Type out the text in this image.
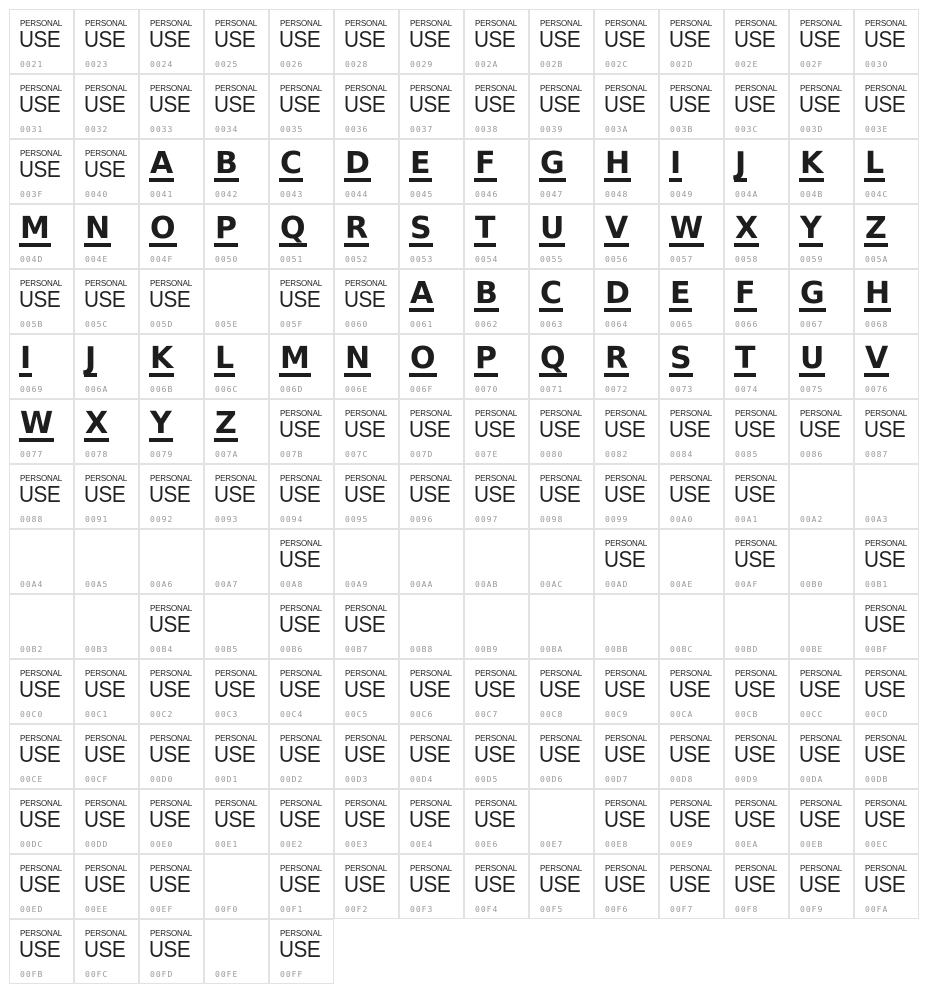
PERSONAL
USE
0021
PERSONAL
USE
0023
PERSONAL
USE
0024
PERSONAL
USE
0025
PERSONAL
USE
0026
PERSONAL
USE
0028
PERSONAL
USE
0029
PERSONAL
USE
002A
PERSONAL
USE
002B
PERSONAL
USE
002C
PERSONAL
USE
002D
PERSONAL
USE
002E
PERSONAL
USE
002F
PERSONAL
USE
0030
PERSONAL
USE
0031
PERSONAL
USE
0032
PERSONAL
USE
0033
PERSONAL
USE
0034
PERSONAL
USE
0035
PERSONAL
USE
0036
PERSONAL
USE
0037
PERSONAL
USE
0038
PERSONAL
USE
0039
PERSONAL
USE
003A
PERSONAL
USE
003B
PERSONAL
USE
003C
PERSONAL
USE
003D
PERSONAL
USE
003E
PERSONAL
USE
003F
PERSONAL
USE
0040
A
0041
B
0042
C
0043
D
0044
E
0045
F
0046
G
0047
H
0048
I
0049
J
004A
K
004B
L
004C
M
004D
N
004E
O
004F
P
0050
Q
0051
R
0052
S
0053
T
0054
U
0055
V
0056
W
0057
X
0058
Y
0059
Z
005A
PERSONAL
USE
005B
PERSONAL
USE
005C
PERSONAL
USE
005D	005E
PERSONAL
USE
005F
PERSONAL
USE
0060
A
0061
B
0062
C
0063
D
0064
E
0065
F
0066
G
0067
H
0068
I
0069
J
006A
K
006B
L
006C
M
006D
N
006E
O
006F
P
0070
Q
0071
R
0072
S
0073
T
0074
U
0075
V
0076
W
0077
X
0078
Y
0079
Z
007A
PERSONAL
USE
007B
PERSONAL
USE
007C
PERSONAL
USE
007D
PERSONAL
USE
007E
PERSONAL
USE
0080
PERSONAL
USE
0082
PERSONAL
USE
0084
PERSONAL
USE
0085
PERSONAL
USE
0086
PERSONAL
USE
0087
PERSONAL
USE
0088
PERSONAL
USE
0091
PERSONAL
USE
0092
PERSONAL
USE
0093
PERSONAL
USE
0094
PERSONAL
USE
0095
PERSONAL
USE
0096
PERSONAL
USE
0097
PERSONAL
USE
0098
PERSONAL
USE
0099
PERSONAL
USE
00A0
PERSONAL
USE
00A1	00A2	00A3
00A4	00A5	00A6	00A7
PERSONAL
USE
00A8	00A9	00AA	00AB	00AC
PERSONAL
USE
00AD	00AE
PERSONAL
USE
00AF	00B0
PERSONAL
USE
00B1
00B2	00B3
PERSONAL
USE
00B4	00B5
PERSONAL
USE
00B6
PERSONAL
USE
00B7	00B8	00B9	00BA	00BB	00BC	00BD	00BE
PERSONAL
USE
00BF
PERSONAL
USE
00C0
PERSONAL
USE
00C1
PERSONAL
USE
00C2
PERSONAL
USE
00C3
PERSONAL
USE
00C4
PERSONAL
USE
00C5
PERSONAL
USE
00C6
PERSONAL
USE
00C7
PERSONAL
USE
00C8
PERSONAL
USE
00C9
PERSONAL
USE
00CA
PERSONAL
USE
00CB
PERSONAL
USE
00CC
PERSONAL
USE
00CD
PERSONAL
USE
00CE
PERSONAL
USE
00CF
PERSONAL
USE
00D0
PERSONAL
USE
00D1
PERSONAL
USE
00D2
PERSONAL
USE
00D3
PERSONAL
USE
00D4
PERSONAL
USE
00D5
PERSONAL
USE
00D6
PERSONAL
USE
00D7
PERSONAL
USE
00D8
PERSONAL
USE
00D9
PERSONAL
USE
00DA
PERSONAL
USE
00DB
PERSONAL
USE
00DC
PERSONAL
USE
00DD
PERSONAL
USE
00E0
PERSONAL
USE
00E1
PERSONAL
USE
00E2
PERSONAL
USE
00E3
PERSONAL
USE
00E4
PERSONAL
USE
00E6	00E7
PERSONAL
USE
00E8
PERSONAL
USE
00E9
PERSONAL
USE
00EA
PERSONAL
USE
00EB
PERSONAL
USE
00EC
PERSONAL
USE
00ED
PERSONAL
USE
00EE
PERSONAL
USE
00EF	00F0
PERSONAL
USE
00F1
PERSONAL
USE
00F2
PERSONAL
USE
00F3
PERSONAL
USE
00F4
PERSONAL
USE
00F5
PERSONAL
USE
00F6
PERSONAL
USE
00F7
PERSONAL
USE
00F8
PERSONAL
USE
00F9
PERSONAL
USE
00FA
PERSONAL
USE
00FB
PERSONAL
USE
00FC
PERSONAL
USE
00FD	00FE
PERSONAL
USE
00FF
